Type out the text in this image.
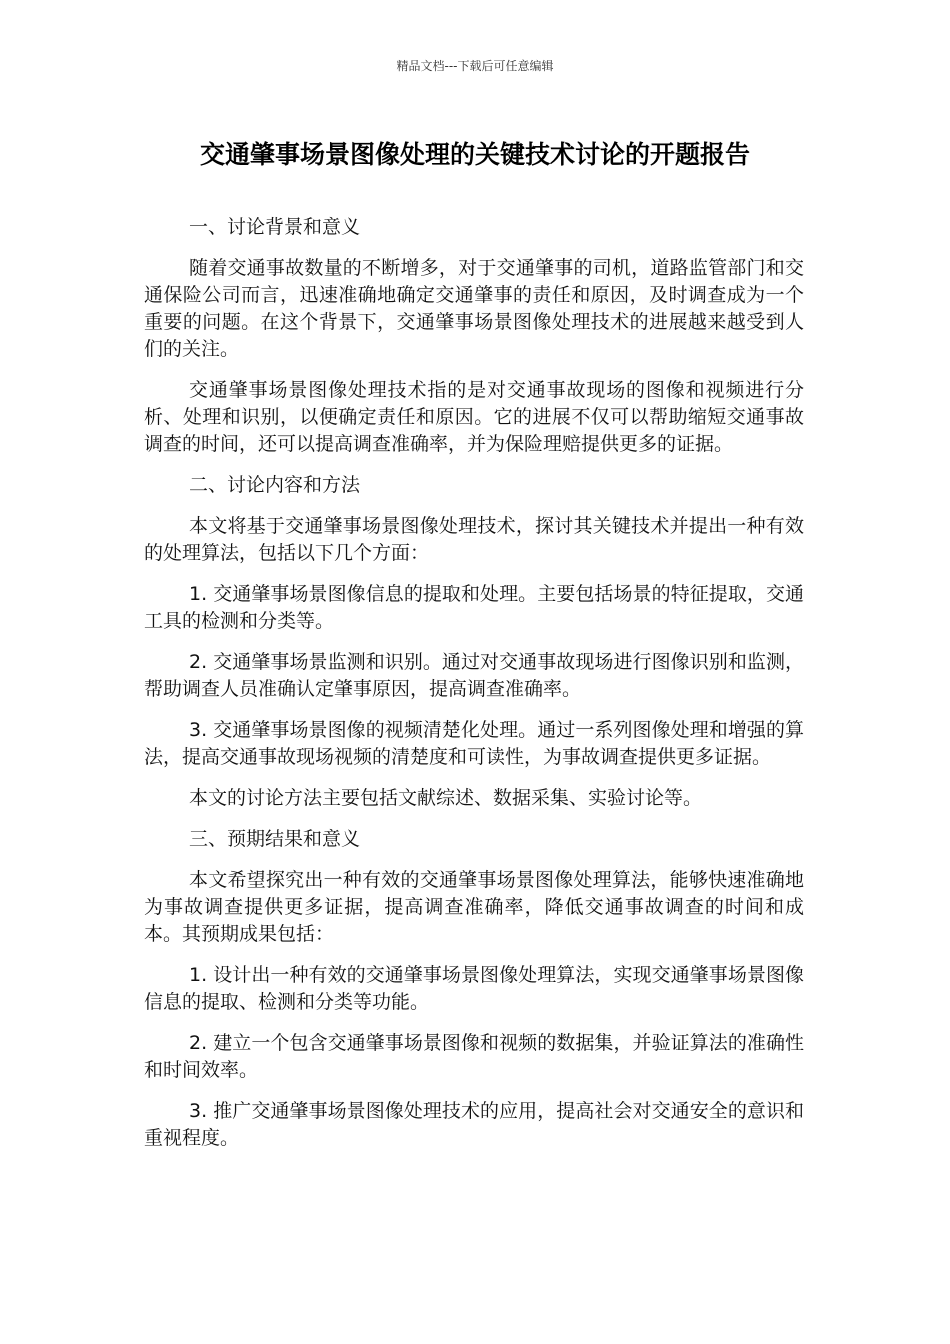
精品文档---下载后可任意编辑
交通肇事场景图像处理的关键技术讨论的开题报告
一、讨论背景和意义

随着交通事故数量的不断增多，对于交通肇事的司机，道路监管部门和交通保险公司而言，迅速准确地确定交通肇事的责任和原因，及时调查成为一个重要的问题。在这个背景下，交通肇事场景图像处理技术的进展越来越受到人们的关注。

交通肇事场景图像处理技术指的是对交通事故现场的图像和视频进行分析、处理和识别，以便确定责任和原因。它的进展不仅可以帮助缩短交通事故调查的时间，还可以提高调查准确率，并为保险理赔提供更多的证据。

二、讨论内容和方法

本文将基于交通肇事场景图像处理技术，探讨其关键技术并提出一种有效的处理算法，包括以下几个方面：

1. 交通肇事场景图像信息的提取和处理。主要包括场景的特征提取，交通工具的检测和分类等。

2. 交通肇事场景监测和识别。通过对交通事故现场进行图像识别和监测，帮助调查人员准确认定肇事原因，提高调查准确率。

3. 交通肇事场景图像的视频清楚化处理。通过一系列图像处理和增强的算法，提高交通事故现场视频的清楚度和可读性，为事故调查提供更多证据。

本文的讨论方法主要包括文献综述、数据采集、实验讨论等。

三、预期结果和意义

本文希望探究出一种有效的交通肇事场景图像处理算法，能够快速准确地为事故调查提供更多证据，提高调查准确率，降低交通事故调查的时间和成本。其预期成果包括：

1. 设计出一种有效的交通肇事场景图像处理算法，实现交通肇事场景图像信息的提取、检测和分类等功能。

2. 建立一个包含交通肇事场景图像和视频的数据集，并验证算法的准确性和时间效率。

3. 推广交通肇事场景图像处理技术的应用，提高社会对交通安全的意识和重视程度。
